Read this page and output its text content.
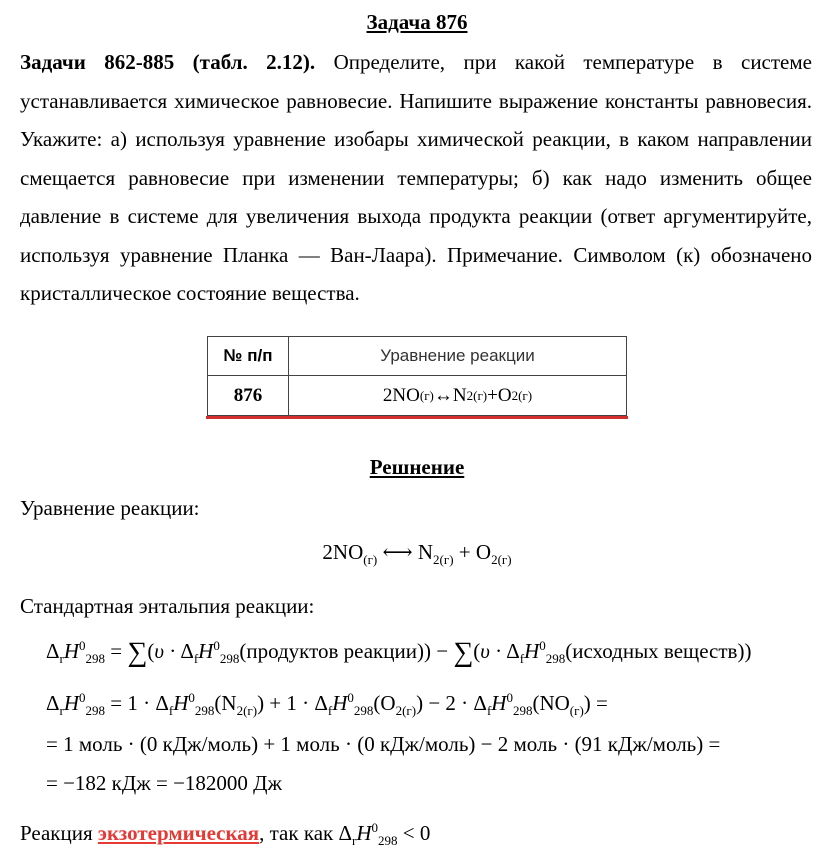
Задача 876
Задачи 862-885 (табл. 2.12). Определите, при какой температуре в системе устанавливается химическое равновесие. Напишите выражение константы равновесия. Укажите: а) используя уравнение изобары химической реакции, в каком направлении смещается равновесие при изменении температуры; б) как надо изменить общее давление в системе для увеличения выхода продукта реакции (ответ аргументируйте, используя уравнение Планка — Ван-Лаара). Примечание. Символом (к) обозначено кристаллическое состояние вещества.
№ п/п	Уравнение реакции
876	2NO (г) ↔ N 2(г) + O 2(г)
Решнение
Уравнение реакции:
$2NO_{(г)}$ ⟷ $N_{2(г)} + O_{2(г)}$
Стандартная энтальпия реакции:
$\Delta_rH^0_{298} = \sum(\upsilon$ · $\Delta_fH^0_{298}(продуктов$ реакции)) − $\sum(\upsilon \cdot \Delta_fH^0_{298}(исходных$ веществ))
$\Delta_rH^0_{298} = 1 \cdot \Delta_fH^0_{298}(N_{2(г)}) + 1 \cdot \Delta_fH^0_{298}(O_{2(г)}) - 2 \cdot \Delta_fH^0_{298}(NO_{(г)})$ =
= 1 моль · (0 кДж/моль) + 1 моль · (0 кДж/моль) − 2 моль · (91 кДж/моль) =
= −182 кДж = −182000 Дж
Реакция экзотермическая, так как $\Delta_rH^0_{298} < 0$
